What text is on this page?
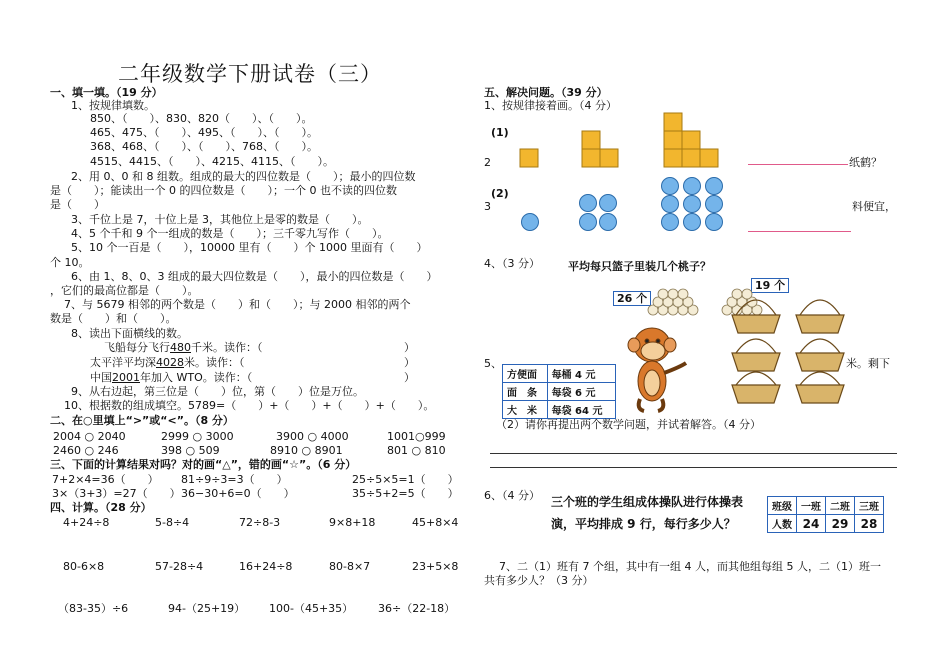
二年级数学下册试卷（三）
一、填一填。（19 分）
1、按规律填数。
850、（　　）、830、820（　　）、（　　）。
465、475、（　　）、495、（　　）、（　　）。
368、468、（　　）、（　　）、768、（　　）。
4515、4415、（　　）、4215、4115、（　　）。
2、用 0、0 和 8 组数。组成的最大的四位数是（　　）；最小的四位数
是（　　）；能读出一个 0 的四位数是（　　）；一个 0 也不读的四位数
是（　　）
3、千位上是 7，十位上是 3，其他位上是零的数是（　　）。
4、5 个千和 9 个一组成的数是（　　）；三千零九写作（　　）。
5、10 个一百是（　　），10000 里有（　　）个 1000 里面有（　　）
个 10。
6、由 1、8、0、3 组成的最大四位数是（　　），最小的四位数是（　　）
，它们的最高位都是（　　）。
7、与 5679 相邻的两个数是（　　）和（　　）；与 2000 相邻的两个
数是（　　）和（　　）。
8、读出下面横线的数。
飞船每分飞行480千米。读作：（	）
太平洋平均深4028米。读作：（	）
中国2001年加入 WTO。读作：（	）
9、从右边起，第三位是（　　）位，第（　　）位是万位。
10、根据数的组成填空。5789=（　　）+（　　）+（　　）+（　　）。
二、在○里填上“>”或“<”。（8 分）
2004 ○ 2040	2999 ○ 3000	3900 ○ 4000	1001○999
2460 ○ 246	398 ○ 509	8910 ○ 8901	801 ○ 810
三、下面的计算结果对吗？对的画“△”，错的画“☆”。（6 分）
7+2×4=36（　　） 81÷9÷3=3（　　）	25÷5×5=1（　　）
3×（3+3）=27（　　） 36−30+6=0（　　）	35÷5+2=5（　　）
四、计算。（28 分）
4+24÷8	5-8÷4	72÷8-3	9×8+18	45+8×4
80-6×8	57-28÷4	16+24÷8	80-8×7	23+5×8
（83-35）÷6	94-（25+19） 100-（45+35） 36÷（22-18）
五、解决问题。（39 分）
1、按规律接着画。（4 分）
(1)
(2)
2
3
纸鹤？
料便宜，
4、（3 分）	平均每只篮子里装几个桃子？
26 个
19 个
5、	米。剩下
方便面	每桶 4 元
面　条	每袋 6 元
大　米	每袋 64 元
（2）请你再提出两个数学问题，并试着解答。（4 分）
6、（4 分） 三个班的学生组成体操队进行体操表
演，平均排成 9 行，每行多少人？
班级	一班	二班	三班
人数	24	29	28
7、二（1）班有 7 个组，其中有一组 4 人，而其他组每组 5 人，二（1）班一
共有多少人？（3 分）
